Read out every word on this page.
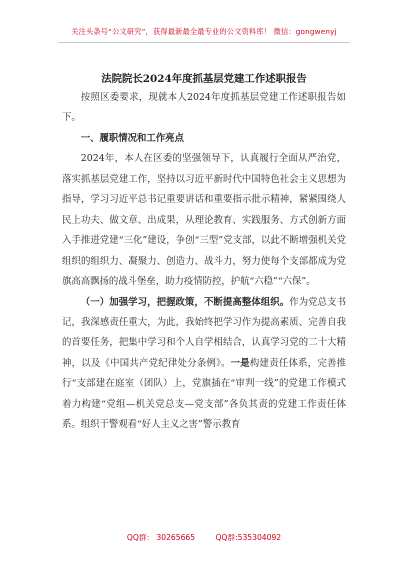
关注头条号“公文研究”，获得最新最全最专业的公文资料库！ 微信：gongwenyj
法院院长2024年度抓基层党建工作述职报告

按照区委要求，现就本人2024年度抓基层党建工作述职报告如下。

一、履职情况和工作亮点

2024年，本人在区委的坚强领导下，认真履行全面从严治党，落实抓基层党建工作，坚持以习近平新时代中国特色社会主义思想为指导，学习习近平总书记重要讲话和重要指示批示精神，紧紧围绕人民上功夫、做文章、出成果，从理论教育、实践服务、方式创新方面入手推进党建“三化”建设，争创“三型”党支部，以此不断增强机关党组织的组织力、凝聚力、创造力、战斗力，努力使每个支部都成为党旗高高飘扬的战斗堡垒，助力疫情防控，护航“六稳”“六保”。

（一）加强学习，把握政策，不断提高整体组织。作为党总支书记，我深感责任重大，为此，我始终把学习作为提高素质、完善自我的首要任务，把集中学习和个人自学相结合，认真学习党的二十大精神，以及《中国共产党纪律处分条例》。一是构建责任体系，完善推行“支部建在庭室（团队）上，党旗插在“审判一线”的党建工作模式着力构建“党组—机关党总支—党支部”各负其责的党建工作责任体系。组织干警观看“好人主义之害”警示教育

QQ群： 30265665	QQ群:535304092
